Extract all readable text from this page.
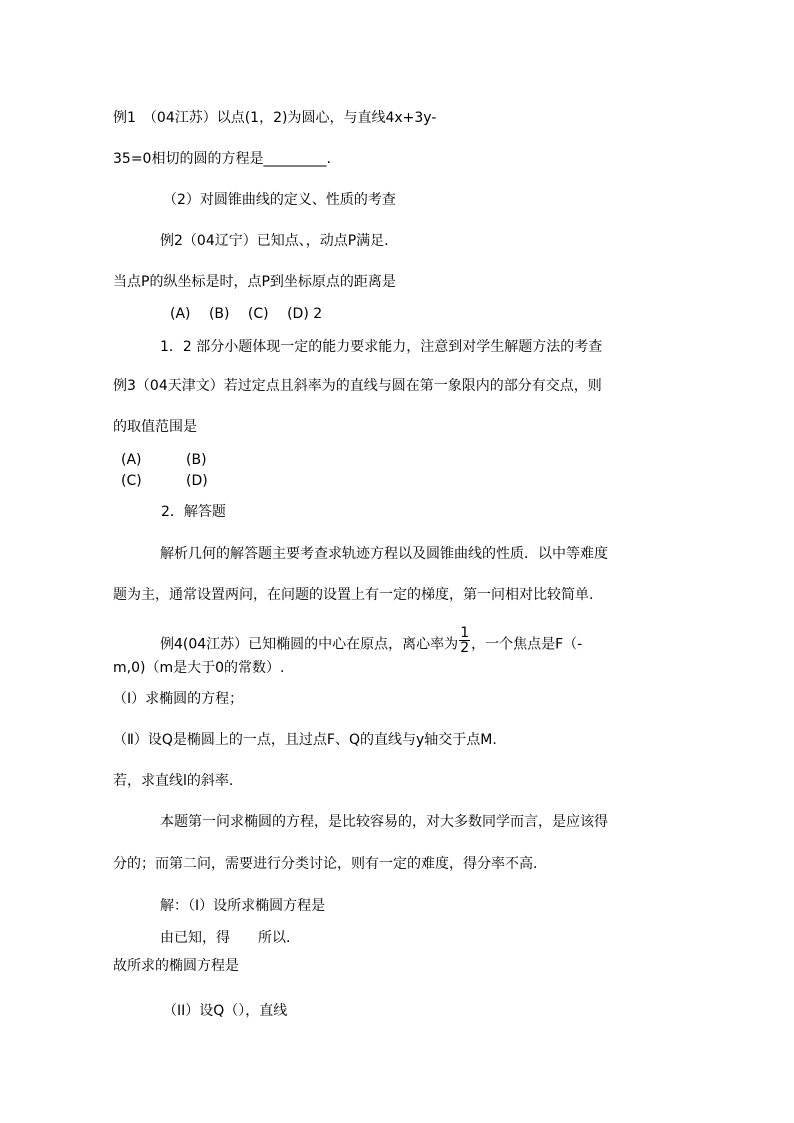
例1　（04江苏）以点(1，2)为圆心，与直线4x+3y-
35=0相切的圆的方程是_________.
（2）对圆锥曲线的定义、性质的考查
例2（04辽宁）已知点、，动点P满足.
当点P的纵坐标是时，点P到坐标原点的距离是
(A)　 (B)　 (C)　 (D) 2
1．2 部分小题体现一定的能力要求能力，注意到对学生解题方法的考查
例3（04天津文）若过定点且斜率为的直线与圆在第一象限内的部分有交点，则
的取值范围是
(A)	(B)
(C)	(D)
2．解答题
解析几何的解答题主要考查求轨迹方程以及圆锥曲线的性质．以中等难度
题为主，通常设置两问，在问题的设置上有一定的梯度，第一问相对比较简单.
例4(04江苏）已知椭圆的中心在原点，离心率为 $\frac{1}{2}$ ，一个焦点是F（-
m,0)（m是大于0的常数）.
（Ⅰ）求椭圆的方程；
（Ⅱ）设Q是椭圆上的一点，且过点F、Q的直线与y轴交于点M.
若，求直线l的斜率.
本题第一问求椭圆的方程，是比较容易的，对大多数同学而言，是应该得
分的；而第二问，需要进行分类讨论，则有一定的难度，得分率不高.
解：（I）设所求椭圆方程是
由已知，得　　所以.
故所求的椭圆方程是
（II）设Q（），直线
